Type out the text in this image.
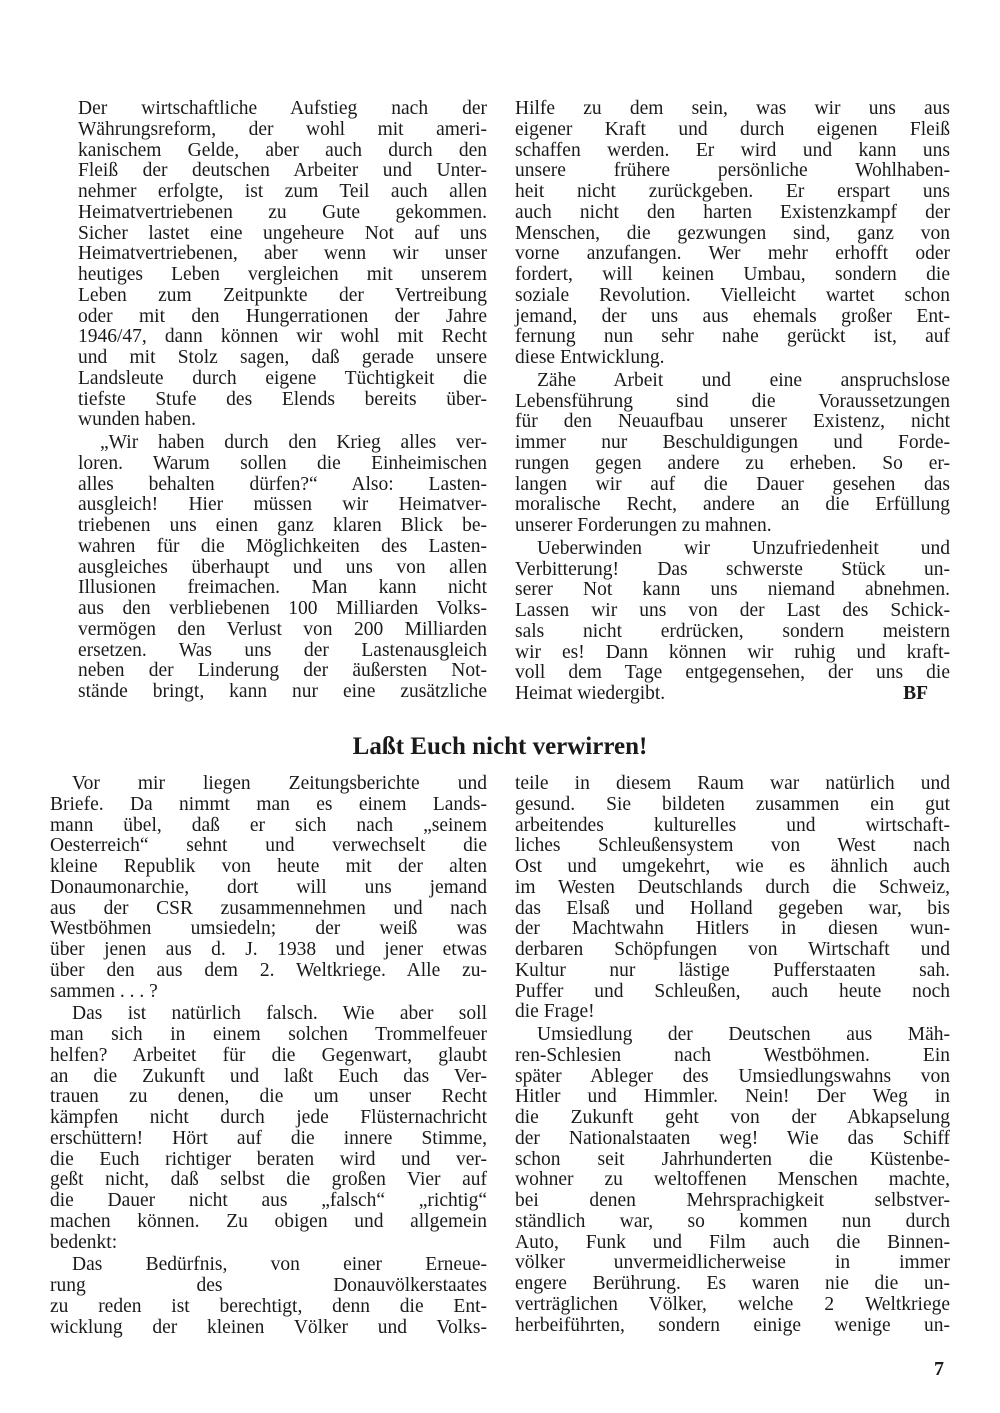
Der wirtschaftliche Aufstieg nach der
Währungsreform, der wohl mit ameri-
kanischem Gelde, aber auch durch den
Fleiß der deutschen Arbeiter und Unter-
nehmer erfolgte, ist zum Teil auch allen
Heimatvertriebenen zu Gute gekommen.
Sicher lastet eine ungeheure Not auf uns
Heimatvertriebenen, aber wenn wir unser
heutiges Leben vergleichen mit unserem
Leben zum Zeitpunkte der Vertreibung
oder mit den Hungerrationen der Jahre
1946/47, dann können wir wohl mit Recht
und mit Stolz sagen, daß gerade unsere
Landsleute durch eigene Tüchtigkeit die
tiefste Stufe des Elends bereits über-
wunden haben.
„Wir haben durch den Krieg alles ver-
loren. Warum sollen die Einheimischen
alles behalten dürfen?“ Also: Lasten-
ausgleich! Hier müssen wir Heimatver-
triebenen uns einen ganz klaren Blick be-
wahren für die Möglichkeiten des Lasten-
ausgleiches überhaupt und uns von allen
Illusionen freimachen. Man kann nicht
aus den verbliebenen 100 Milliarden Volks-
vermögen den Verlust von 200 Milliarden
ersetzen. Was uns der Lastenausgleich
neben der Linderung der äußersten Not-
stände bringt, kann nur eine zusätzliche
Hilfe zu dem sein, was wir uns aus
eigener Kraft und durch eigenen Fleiß
schaffen werden. Er wird und kann uns
unsere frühere persönliche Wohlhaben-
heit nicht zurückgeben. Er erspart uns
auch nicht den harten Existenzkampf der
Menschen, die gezwungen sind, ganz von
vorne anzufangen. Wer mehr erhofft oder
fordert, will keinen Umbau, sondern die
soziale Revolution. Vielleicht wartet schon
jemand, der uns aus ehemals großer Ent-
fernung nun sehr nahe gerückt ist, auf
diese Entwicklung.
Zähe Arbeit und eine anspruchslose
Lebensführung sind die Voraussetzungen
für den Neuaufbau unserer Existenz, nicht
immer nur Beschuldigungen und Forde-
rungen gegen andere zu erheben. So er-
langen wir auf die Dauer gesehen das
moralische Recht, andere an die Erfüllung
unserer Forderungen zu mahnen.
Ueberwinden wir Unzufriedenheit und
Verbitterung! Das schwerste Stück un-
serer Not kann uns niemand abnehmen.
Lassen wir uns von der Last des Schick-
sals nicht erdrücken, sondern meistern
wir es! Dann können wir ruhig und kraft-
voll dem Tage entgegensehen, der uns die
Heimat wiedergibt.	BF
Laßt Euch nicht verwirren!
Vor mir liegen Zeitungsberichte und
Briefe. Da nimmt man es einem Lands-
mann übel, daß er sich nach „seinem
Oesterreich“ sehnt und verwechselt die
kleine Republik von heute mit der alten
Donaumonarchie, dort will uns jemand
aus der CSR zusammennehmen und nach
Westböhmen umsiedeln; der weiß was
über jenen aus d. J. 1938 und jener etwas
über den aus dem 2. Weltkriege. Alle zu-
sammen . . . ?
Das ist natürlich falsch. Wie aber soll
man sich in einem solchen Trommelfeuer
helfen? Arbeitet für die Gegenwart, glaubt
an die Zukunft und laßt Euch das Ver-
trauen zu denen, die um unser Recht
kämpfen nicht durch jede Flüsternachricht
erschüttern! Hört auf die innere Stimme,
die Euch richtiger beraten wird und ver-
geßt nicht, daß selbst die großen Vier auf
die Dauer nicht aus „falsch“ „richtig“
machen können. Zu obigen und allgemein
bedenkt:
Das Bedürfnis, von einer Erneue-
rung des Donauvölkerstaates
zu reden ist berechtigt, denn die Ent-
wicklung der kleinen Völker und Volks-
teile in diesem Raum war natürlich und
gesund. Sie bildeten zusammen ein gut
arbeitendes kulturelles und wirtschaft-
liches Schleußensystem von West nach
Ost und umgekehrt, wie es ähnlich auch
im Westen Deutschlands durch die Schweiz,
das Elsaß und Holland gegeben war, bis
der Machtwahn Hitlers in diesen wun-
derbaren Schöpfungen von Wirtschaft und
Kultur nur lästige Pufferstaaten sah.
Puffer und Schleußen, auch heute noch
die Frage!
Umsiedlung der Deutschen aus Mäh-
ren-Schlesien nach Westböhmen. Ein
später Ableger des Umsiedlungswahns von
Hitler und Himmler. Nein! Der Weg in
die Zukunft geht von der Abkapselung
der Nationalstaaten weg! Wie das Schiff
schon seit Jahrhunderten die Küstenbe-
wohner zu weltoffenen Menschen machte,
bei denen Mehrsprachigkeit selbstver-
ständlich war, so kommen nun durch
Auto, Funk und Film auch die Binnen-
völker unvermeidlicherweise in immer
engere Berührung. Es waren nie die un-
verträglichen Völker, welche 2 Weltkriege
herbeiführten, sondern einige wenige un-
7
